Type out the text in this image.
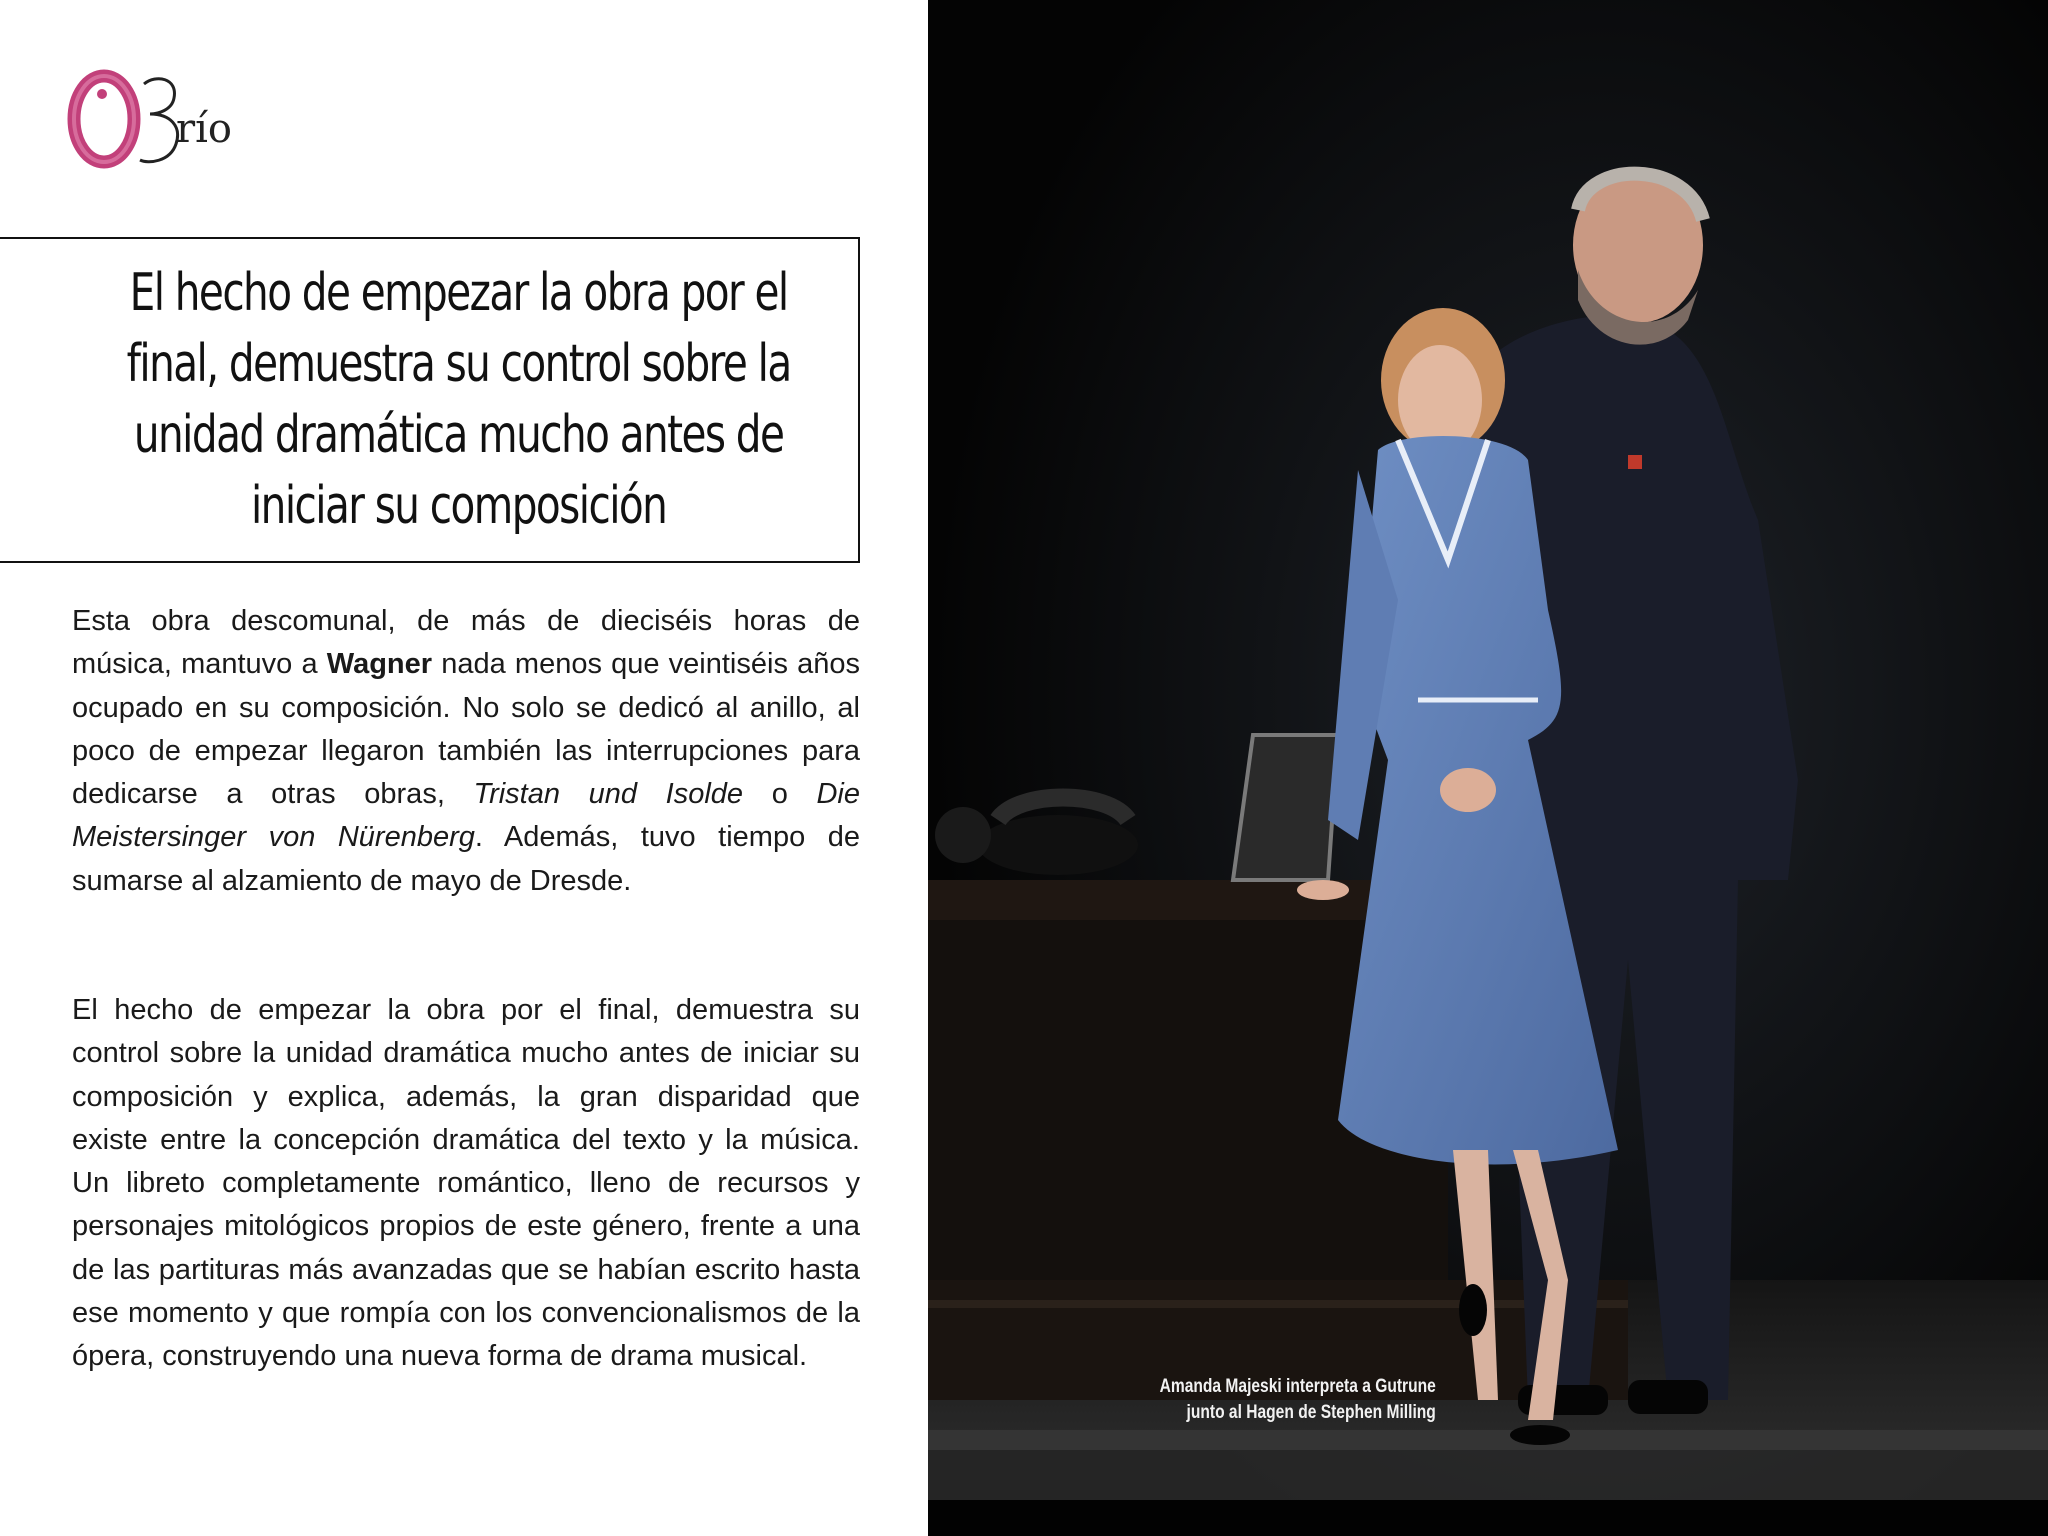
río
El hecho de empezar la obra por el
final, demuestra su control sobre la
unidad dramática mucho antes de
iniciar su composición

Esta obra descomunal, de más de dieciséis horas de música, mantuvo a Wagner nada menos que veintiséis años ocupado en su composición. No solo se dedicó al anillo, al poco de empezar llegaron también las interrupciones para dedicarse a otras obras, Tristan und Isolde o Die Meistersinger von Nürenberg. Además, tuvo tiempo de sumarse al alzamiento de mayo de Dresde.

El hecho de empezar la obra por el final, demuestra su control sobre la unidad dramática mucho antes de iniciar su composición y explica, además, la gran disparidad que existe entre la concepción dramática del texto y la música. Un libreto completamente romántico, lleno de recursos y personajes mitológicos propios de este género, frente a una de las partituras más avanzadas que se habían escrito hasta ese momento y que rompía con los convencionalismos de la ópera, construyendo una nueva forma de drama musical.

Amanda Majeski interpreta a Gutrune
junto al Hagen de Stephen Milling
